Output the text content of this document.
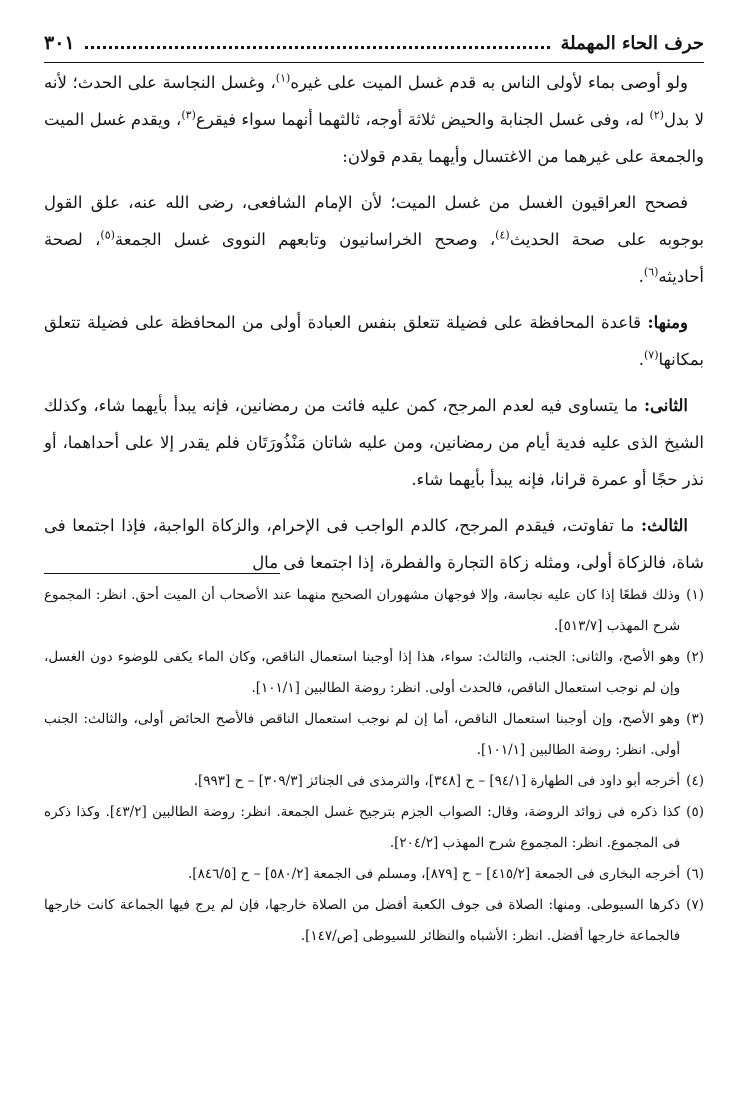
حرف الحاء المهملة
٣٠١

ولو أوصى بماء لأولى الناس به قدم غسل الميت على غيره$^{(١)}$، وغسل النجاسة على الحدث؛ لأنه لا بدل$^{(٢)}$ له، وفى غسل الجنابة والحيض ثلاثة أوجه، ثالثهما أنهما سواء فيقرع$^{(٣)}$، ويقدم غسل الميت والجمعة على غيرهما من الاغتسال وأيهما يقدم قولان:

فصحح العراقيون الغسل من غسل الميت؛ لأن الإمام الشافعى، رضى الله عنه، علق القول بوجوبه على صحة الحديث$^{(٤)}$، وصحح الخراسانيون وتابعهم النووى غسل الجمعة$^{(٥)}$، لصحة أحاديثه$^{(٦)}$.

ومنها: قاعدة المحافظة على فضيلة تتعلق بنفس العبادة أولى من المحافظة على فضيلة تتعلق بمكانها$^{(٧)}$.

الثانى: ما يتساوى فيه لعدم المرجح، كمن عليه فائت من رمضانين، فإنه يبدأ بأيهما شاء، وكذلك الشيخ الذى عليه فدية أيام من رمضانين، ومن عليه شاتان مَنْذُورَتَان فلم يقدر إلا على أحداهما، أو نذر حجًا أو عمرة قرانا، فإنه يبدأ بأيهما شاء.

الثالث: ما تفاوتت، فيقدم المرجح، كالدم الواجب فى الإحرام، والزكاة الواجبة، فإذا اجتمعا فى شاة، فالزكاة أولى، ومثله زكاة التجارة والفطرة، إذا اجتمعا فى مال

(١)
وذلك قطعًا إذا كان عليه نجاسة، وإلا فوجهان مشهوران الصحيح منهما عند الأصحاب أن الميت أحق. انظر: المجموع شرح المهذب [٥١٣/٧].
(٢)
وهو الأصح، والثانى: الجنب، والثالث: سواء، هذا إذا أوجبنا استعمال الناقص، وكان الماء يكفى للوضوء دون الغسل، وإن لم نوجب استعمال الناقص، فالحدث أولى. انظر: روضة الطالبين [١٠١/١].
(٣)
وهو الأصح، وإن أوجبنا استعمال الناقص، أما إن لم نوجب استعمال الناقص فالأصح الحائض أولى، والثالث: الجنب أولى. انظر: روضة الطالبين [١٠١/١].
(٤)
أخرجه أبو داود فى الطهارة [٩٤/١] – ح [٣٤٨]، والترمذى فى الجنائز [٣٠٩/٣] – ح [٩٩٣].
(٥)
كذا ذكره فى زوائد الروضة، وقال: الصواب الجزم بترجيح غسل الجمعة. انظر: روضة الطالبين [٤٣/٢]. وكذا ذكره فى المجموع. انظر: المجموع شرح المهذب [٢٠٤/٢].
(٦)
أخرجه البخارى فى الجمعة [٤١٥/٢] – ح [٨٧٩]، ومسلم فى الجمعة [٥٨٠/٢] – ح [٨٤٦/٥].
(٧)
ذكرها السيوطى. ومنها: الصلاة فى جوف الكعبة أفضل من الصلاة خارجها، فإن لم يرج فيها الجماعة كانت خارجها فالجماعة خارجها أفضل. انظر: الأشباه والنظائر للسيوطى [ص/١٤٧].
